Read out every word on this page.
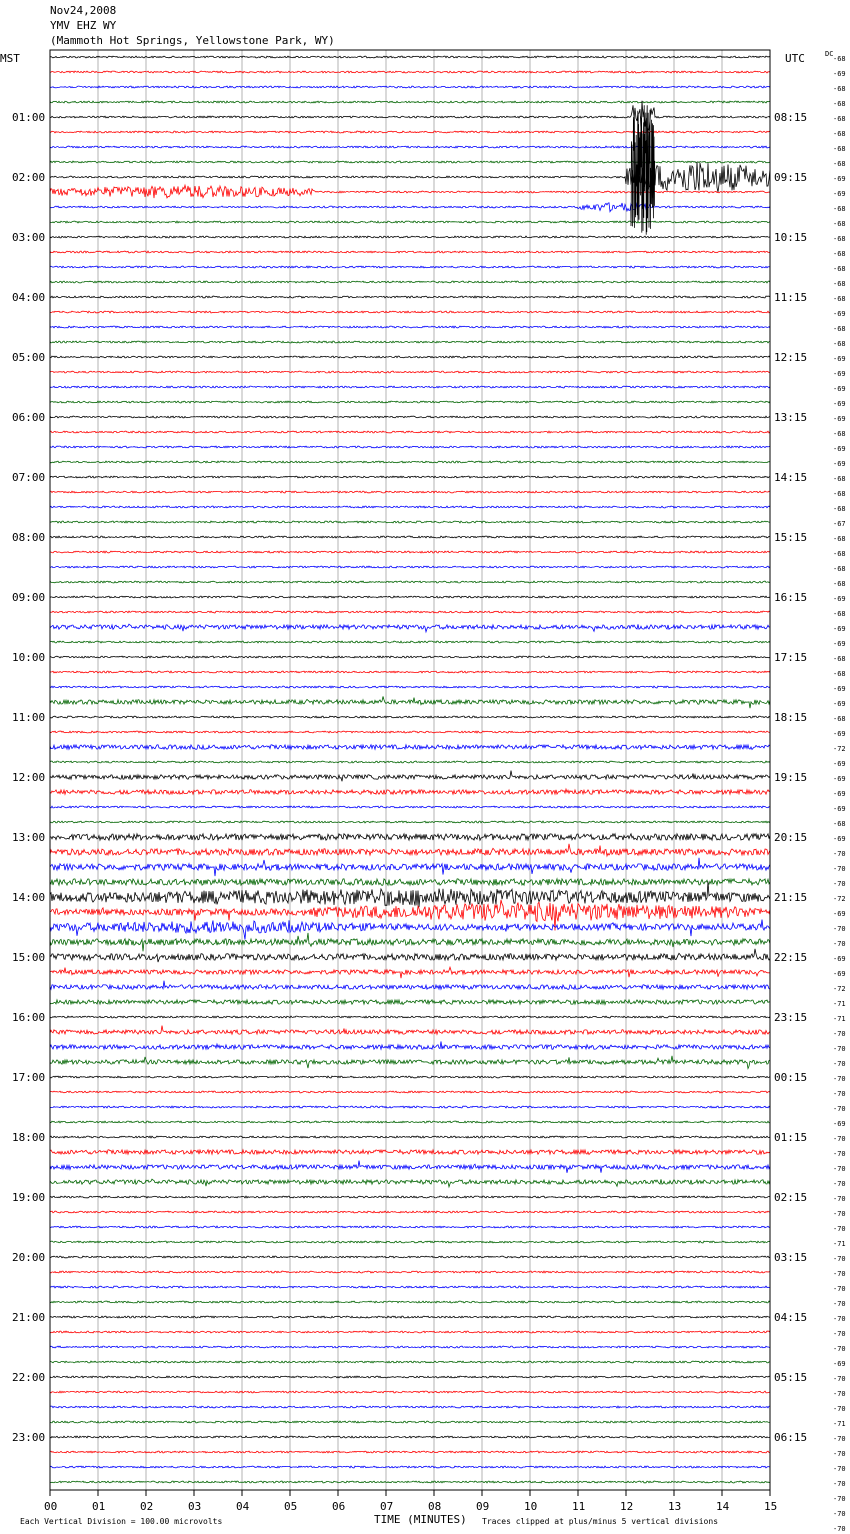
Nov24,2008
YMV EHZ WY
(Mammoth Hot Springs, Yellowstone Park, WY)
00	01	02	03	04	05	06	07	08	09	10	11	12	13	14	15
01:00
02:00
03:00
04:00
05:00
06:00
07:00
08:00
09:00
10:00
11:00
12:00
13:00
14:00
15:00
16:00
17:00
18:00
19:00
20:00
21:00
22:00
23:00
08:15
09:15
10:15
11:15
12:15
13:15
14:15
15:15
16:15
17:15
18:15
19:15
20:15
21:15
22:15
23:15
00:15
01:15
02:15
03:15
04:15
05:15
06:15
-68
-69
-68
-68
-68
-68
-68
-68
-69
-69
-68
-68
-68
-68
-68
-68
-68
-69
-68
-68
-69
-69
-69
-69
-69
-68
-69
-69
-68
-68
-68
-67
-68
-68
-68
-68
-69
-68
-69
-69
-68
-68
-69
-69
-68
-69
-72
-69
-69
-69
-69
-68
-69
-70
-70
-70
-72
-69
-70
-70
-69
-69
-72
-71
-71
-70
-70
-70
-70
-70
-70
-69
-70
-70
-70
-70
-70
-70
-70
-71
-70
-70
-70
-70
-70
-70
-70
-69
-70
-70
-70
-71
-70
-70
-70
-70
-70
-70
-70
MST	UTC	DC
TIME (MINUTES)
Each Vertical Division = 100.00 microvolts	Traces clipped at plus/minus 5 vertical divisions
